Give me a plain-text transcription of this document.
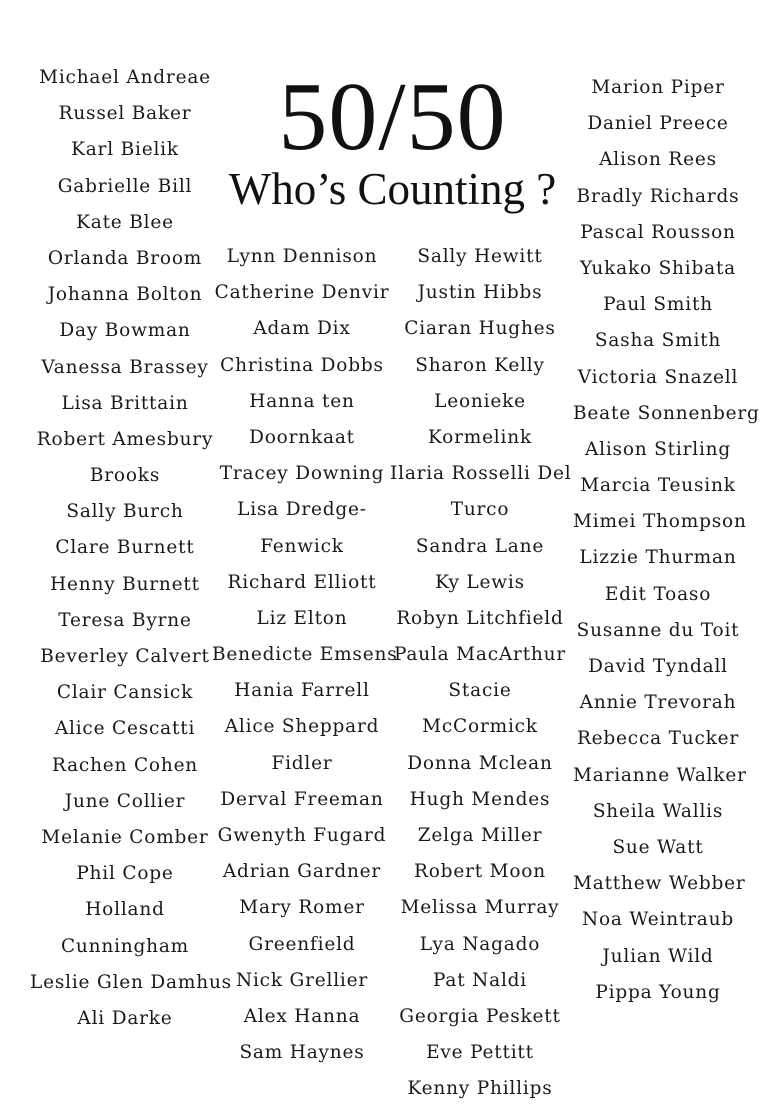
50/50
Who’s Counting ?
Michael Andreae
Russel Baker
Karl Bielik
Gabrielle Bill
Kate Blee
Orlanda Broom
Johanna Bolton
Day Bowman
Vanessa Brassey
Lisa Brittain
Robert Amesbury
Brooks
Sally Burch
Clare Burnett
Henny Burnett
Teresa Byrne
Beverley Calvert
Clair Cansick
Alice Cescatti
Rachen Cohen
June Collier
Melanie Comber
Phil Cope
Holland
Cunningham
Leslie Glen Damhus
Ali Darke
Lynn Dennison
Catherine Denvir
Adam Dix
Christina Dobbs
Hanna ten
Doornkaat
Tracey Downing
Lisa Dredge-
Fenwick
Richard Elliott
Liz Elton
Benedicte Emsens
Hania Farrell
Alice Sheppard
Fidler
Derval Freeman
Gwenyth Fugard
Adrian Gardner
Mary Romer
Greenfield
Nick Grellier
Alex Hanna
Sam Haynes
Sally Hewitt
Justin Hibbs
Ciaran Hughes
Sharon Kelly
Leonieke
Kormelink
Ilaria Rosselli Del
Turco
Sandra Lane
Ky Lewis
Robyn Litchfield
Paula MacArthur
Stacie
McCormick
Donna Mclean
Hugh Mendes
Zelga Miller
Robert Moon
Melissa Murray
Lya Nagado
Pat Naldi
Georgia Peskett
Eve Pettitt
Kenny Phillips
Marion Piper
Daniel Preece
Alison Rees
Bradly Richards
Pascal Rousson
Yukako Shibata
Paul Smith
Sasha Smith
Victoria Snazell
Beate Sonnenberg
Alison Stirling
Marcia Teusink
Mimei Thompson
Lizzie Thurman
Edit Toaso
Susanne du Toit
David Tyndall
Annie Trevorah
Rebecca Tucker
Marianne Walker
Sheila Wallis
Sue Watt
Matthew Webber
Noa Weintraub
Julian Wild
Pippa Young
